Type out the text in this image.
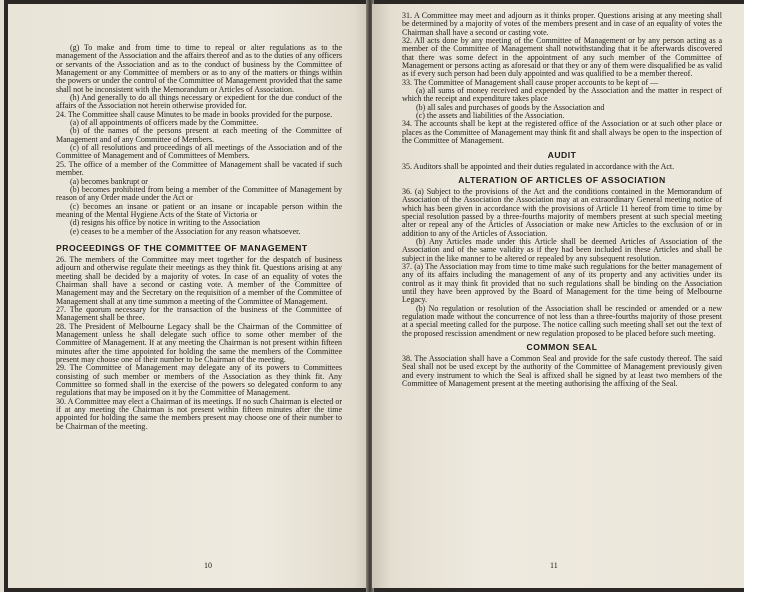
(g) To make and from time to time to repeal or alter regulations as to the management of the Association and the affairs thereof and as to the duties of any officers or servants of the Association and as to the conduct of business by the Committee of Management or any Committee of members or as to any of the matters or things within the powers or under the control of the Committee of Management provided that the same shall not be inconsistent with the Memorandum or Articles of Association.

(h) And generally to do all things necessary or expedient for the due conduct of the affairs of the Association not herein otherwise provided for.

24. The Committee shall cause Minutes to be made in books provided for the purpose.

(a) of all appointments of officers made by the Committee.

(b) of the names of the persons present at each meeting of the Committee of Management and of any Committee of Members.

(c) of all resolutions and proceedings of all meetings of the Association and of the Committee of Management and of Committees of Members.

25. The office of a member of the Committee of Management shall be vacated if such member.

(a) becomes bankrupt or

(b) becomes prohibited from being a member of the Committee of Management by reason of any Order made under the Act or

(c) becomes an insane or patient or an insane or incapable person within the meaning of the Mental Hygiene Acts of the State of Victoria or

(d) resigns his office by notice in writing to the Association

(e) ceases to be a member of the Association for any reason whatsoever.

PROCEEDINGS OF THE COMMITTEE OF MANAGEMENT

26. The members of the Committee may meet together for the despatch of business adjourn and otherwise regulate their meetings as they think fit. Questions arising at any meeting shall be decided by a majority of votes. In case of an equality of votes the Chairman shall have a second or casting vote. A member of the Committee of Management may and the Secretary on the requisition of a member of the Committee of Management shall at any time summon a meeting of the Committee of Management.

27. The quorum necessary for the transaction of the business of the Committee of Management shall be three.

28. The President of Melbourne Legacy shall be the Chairman of the Committee of Management unless he shall delegate such office to some other member of the Committee of Management. If at any meeting the Chairman is not present within fifteen minutes after the time appointed for holding the same the members of the Committee present may choose one of their number to be Chairman of the meeting.

29. The Committee of Management may delegate any of its powers to Committees consisting of such member or members of the Association as they think fit. Any Committee so formed shall in the exercise of the powers so delegated conform to any regulations that may be imposed on it by the Committee of Management.

30. A Committee may elect a Chairman of its meetings. If no such Chairman is elected or if at any meeting the Chairman is not present within fifteen minutes after the time appointed for holding the same the members present may choose one of their number to be Chairman of the meeting.

10

31. A Committee may meet and adjourn as it thinks proper. Questions arising at any meeting shall be determined by a majority of votes of the members present and in case of an equality of votes the Chairman shall have a second or casting vote.

32. All acts done by any meeting of the Committee of Management or by any person acting as a member of the Committee of Management shall notwithstanding that it be afterwards discovered that there was some defect in the appointment of any such member of the Committee of Management or persons acting as aforesaid or that they or any of them were disqualified be as valid as if every such person had been duly appointed and was qualified to be a member thereof.

33. The Committee of Management shall cause proper accounts to be kept of —

(a) all sums of money received and expended by the Association and the matter in respect of which the receipt and expenditure takes place

(b) all sales and purchases of goods by the Association and

(c) the assets and liabilities of the Association.

34. The accounts shall be kept at the registered office of the Association or at such other place or places as the Committee of Management may think fit and shall always be open to the inspection of the Committee of Management.

AUDIT

35. Auditors shall be appointed and their duties regulated in accordance with the Act.

ALTERATION OF ARTICLES OF ASSOCIATION

36. (a) Subject to the provisions of the Act and the conditions contained in the Memorandum of Association of the Association the Association may at an extraordinary General meeting notice of which has been given in accordance with the provisions of Article 11 hereof from time to time by special resolution passed by a three-fourths majority of members present at such special meeting alter or repeal any of the Articles of Association or make new Articles to the exclusion of or in addition to any of the Articles of Association.

(b) Any Articles made under this Article shall be deemed Articles of Association of the Association and of the same validity as if they had been included in these Articles and shall be subject in the like manner to be altered or repealed by any subsequent resolution.

37. (a) The Association may from time to time make such regulations for the better management of any of its affairs including the management of any of its property and any activities under its control as it may think fit provided that no such regulations shall be binding on the Association until they have been approved by the Board of Management for the time being of Melbourne Legacy.

(b) No regulation or resolution of the Association shall be rescinded or amended or a new regulation made without the concurrence of not less than a three-fourths majority of those present at a special meeting called for the purpose. The notice calling such meeting shall set out the text of the proposed rescission amendment or new regulation proposed to be placed before such meeting.

COMMON SEAL

38. The Association shall have a Common Seal and provide for the safe custody thereof. The said Seal shall not be used except by the authority of the Committee of Management previously given and every instrument to which the Seal is affixed shall be signed by at least two members of the Committee of Management present at the meeting authorising the affixing of the Seal.

11
